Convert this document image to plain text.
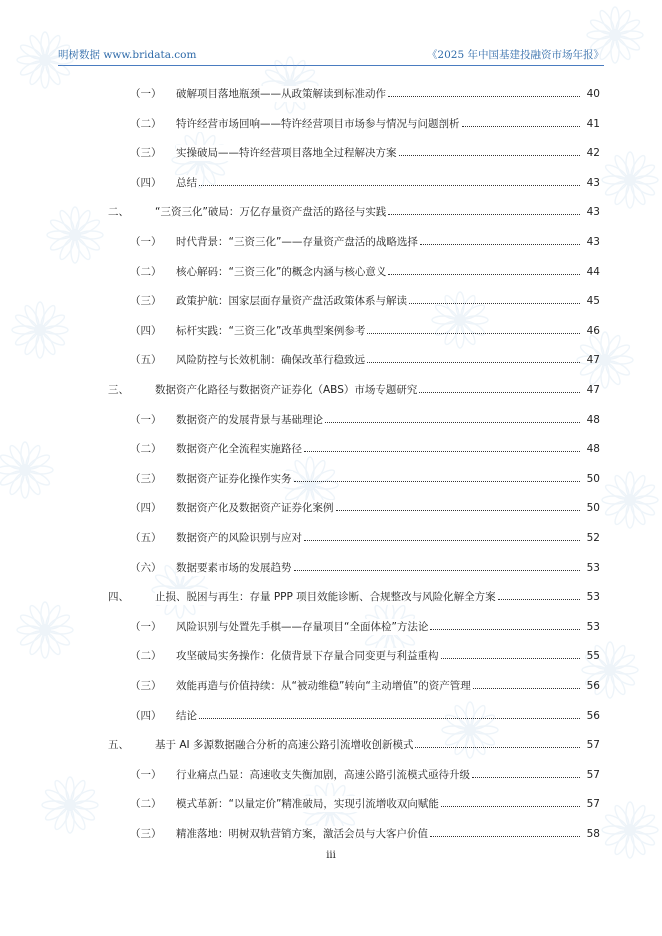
明树数据 www.bridata.com	《2025 年中国基建投融资市场年报》
（一） 破解项目落地瓶颈——从政策解读到标准动作	40
（二） 特许经营市场回响——特许经营项目市场参与情况与问题剖析	41
（三） 实操破局——特许经营项目落地全过程解决方案	42
（四） 总结	43
二、 “三资三化”破局：万亿存量资产盘活的路径与实践	43
（一） 时代背景：“三资三化”——存量资产盘活的战略选择	43
（二） 核心解码：“三资三化”的概念内涵与核心意义	44
（三） 政策护航：国家层面存量资产盘活政策体系与解读	45
（四） 标杆实践：“三资三化”改革典型案例参考	46
（五） 风险防控与长效机制：确保改革行稳致远	47
三、 数据资产化路径与数据资产证券化（ABS）市场专题研究	47
（一） 数据资产的发展背景与基础理论	48
（二） 数据资产化全流程实施路径	48
（三） 数据资产证券化操作实务	50
（四） 数据资产化及数据资产证券化案例	50
（五） 数据资产的风险识别与应对	52
（六） 数据要素市场的发展趋势	53
四、 止损、脱困与再生：存量 PPP 项目效能诊断、合规整改与风险化解全方案	53
（一） 风险识别与处置先手棋——存量项目“全面体检”方法论	53
（二） 攻坚破局实务操作：化债背景下存量合同变更与利益重构	55
（三） 效能再造与价值持续：从“被动维稳”转向“主动增值”的资产管理	56
（四） 结论	56
五、 基于 AI 多源数据融合分析的高速公路引流增收创新模式	57
（一） 行业痛点凸显：高速收支失衡加剧，高速公路引流模式亟待升级	57
（二） 模式革新：“以量定价”精准破局，实现引流增收双向赋能	57
（三） 精准落地：明树双轨营销方案，激活会员与大客户价值	58
iii
